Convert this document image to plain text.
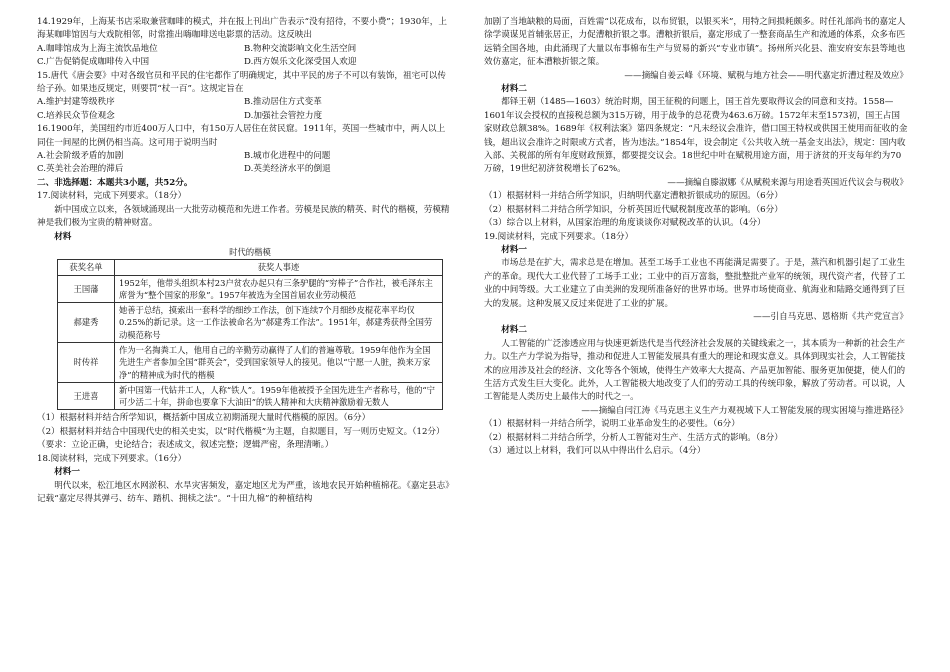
14.1929年，上海某书店采取兼营咖啡的模式，并在报上刊出广告表示“没有招待，不要小费”；1930年，上海某咖啡馆因与大戏院相邻，时常推出嗨咖啡送电影票的活动。这反映出

A.咖啡馆成为上海主流饮品地位	B.物种交流影响文化生活空间
C.广告促销促成咖啡传入中国	D.西方娱乐文化深受国人欢迎

15.唐代《唐会要》中对各级官员和平民的住宅都作了明确规定，其中平民的房子不可以有装饰，祖宅可以传给子孙。如果违反规定，则要罚“杖一百”。这规定旨在

A.维护封建等级秩序	B.推动居住方式变革
C.培养民众节俭观念	D.加强社会管控力度

16.1900年，美国纽约市近400万人口中，有150万人居住在贫民窟。1911年，英国一些城市中，两人以上同住一间屋的比例仍相当高。这可用于说明当时

A.社会阶级矛盾的加剧	B.城市化进程中的问题
C.英美社会治理的滞后	D.英美经济水平的倒退

二、非选择题：本题共3小题，共52分。

17.阅读材料，完成下列要求。（18分）

新中国成立以来，各领域涌现出一大批劳动模范和先进工作者。劳模是民族的精英、时代的楷模，劳模精神是我们极为宝贵的精神财富。

材料

时代的楷模
获奖名单	获奖人事迹
王国藩	1952年，他带头组织本村23户贫农办起只有三条驴腿的“穷棒子”合作社，被毛泽东主席誉为“整个国家的形象”。1957年被选为全国首届农业劳动模范
郝建秀	她善于总结，摸索出一套科学的细纱工作法，创下连续7个月细纱皮棍花率平均仅0.25%的新记录。这一工作法被命名为“郝建秀工作法”。1951年，郝建秀获得全国劳动模范称号
时传祥	作为一名掏粪工人，他用自己的辛勤劳动赢得了人们的普遍尊敬。1959年他作为全国先进生产者参加全国“群英会”，受到国家领导人的接见。他以“宁愿一人脏，换来万家净”的精神成为时代的楷模
王进喜	新中国第一代钻井工人，人称“铁人”。1959年他被授予全国先进生产者称号，他的“宁可少活二十年，拼命也要拿下大油田”的铁人精神和大庆精神激励着无数人

（1）根据材料并结合所学知识，概括新中国成立初期涌现大量时代楷模的原因。（6分）

（2）根据材料并结合中国现代史的相关史实，以“时代楷模”为主题，自拟题目，写一则历史短文。（12分）（要求：立论正确，史论结合；表述成文，叙述完整；逻辑严密，条理清晰。）

18.阅读材料，完成下列要求。（16分）

材料一

明代以来，松江地区水网淤积、水旱灾害频发，嘉定地区尤为严重，该地农民开始种植棉花。《嘉定县志》记载“嘉定尽得其弹弓、纺车、踏机、拥椟之法”。“十田九棉”的种植结构

加剧了当地缺粮的局面，百姓需“以花成布，以布贸银，以银买米”，用特之间损耗颇多。时任礼部尚书的嘉定人徐学谟谋见首辅张居正，力促漕粮折银之事。漕粮折银后，嘉定形成了一整套商品生产和流通的体系，众多布匹远销全国各地，由此涌现了大量以布事棉布生产与贸易的新兴“专业市镇”。扬州所兴化县、淮安府安东县等地也效仿嘉定，征本漕粮折银之策。

——摘编自姜云峰《环境、赋税与地方社会——明代嘉定折漕过程及效应》

材料二

都铎王朝（1485—1603）统治时期，国王征税的问题上，国王首先要取得议会的同意和支持。1558—1601年议会授权的直接税总额为315万磅，用于战争的总花费为463.6万磅。1572年末至1573初，国王占国家财政总额38%。1689年《权利法案》第四条规定：“凡未经议会准许，借口国王特权或供国王使用而征收的金钱，超出议会准许之时限或方式者，皆为违法。”1854年，设会制定《公共收入统一基金支出法》，规定：国内收入部、关税部的所有年度财政预算，都要提交议会。18世纪中叶在赋税用途方面，用于济贫的开支每年约为70万磅，19世纪初济贫税增长了62%。

——摘编自滕淑娜《从赋税来源与用途看英国近代议会与税收》

（1）根据材料一并结合所学知识，归纳明代嘉定漕粮折银成功的原因。（6分）

（2）根据材料二并结合所学知识，分析英国近代赋税制度改革的影响。（6分）

（3）综合以上材料，从国家治理的角度谈谈你对赋税改革的认识。（4分）

19.阅读材料，完成下列要求。（18分）

材料一

市场总是在扩大，需求总是在增加。甚至工场手工业也不再能满足需要了。于是，蒸汽和机器引起了工业生产的革命。现代大工业代替了工场手工业；工业中的百万富翁，整批整批产业军的统领，现代资产者，代替了工业的中间等级。大工业建立了由美洲的发现所准备好的世界市场。世界市场使商业、航海业和陆路交通得到了巨大的发展。这种发展又反过来促进了工业的扩展。

——引自马克思、恩格斯《共产党宣言》

材料二

人工智能的广泛渗透应用与快速更新迭代是当代经济社会发展的关键线索之一，其本质为一种新的社会生产力。以生产力学说为指导，推动和促进人工智能发展具有重大的理论和现实意义。具体到现实社会，人工智能技术的应用涉及社会的经济、文化等各个领域，使得生产效率大大提高、产品更加智能、服务更加便捷，使人们的生活方式发生巨大变化。此外，人工智能极大地改变了人们的劳动工具的传统印象，解放了劳动者。可以说，人工智能是人类历史上最伟大的时代之一。

——摘编自闫江涛《马克思主义生产力观视域下人工智能发展的现实困境与推进路径》

（1）根据材料一并结合所学，说明工业革命发生的必要性。（6分）

（2）根据材料二并结合所学，分析人工智能对生产、生活方式的影响。（8分）

（3）通过以上材料，我们可以从中得出什么启示。（4分）
